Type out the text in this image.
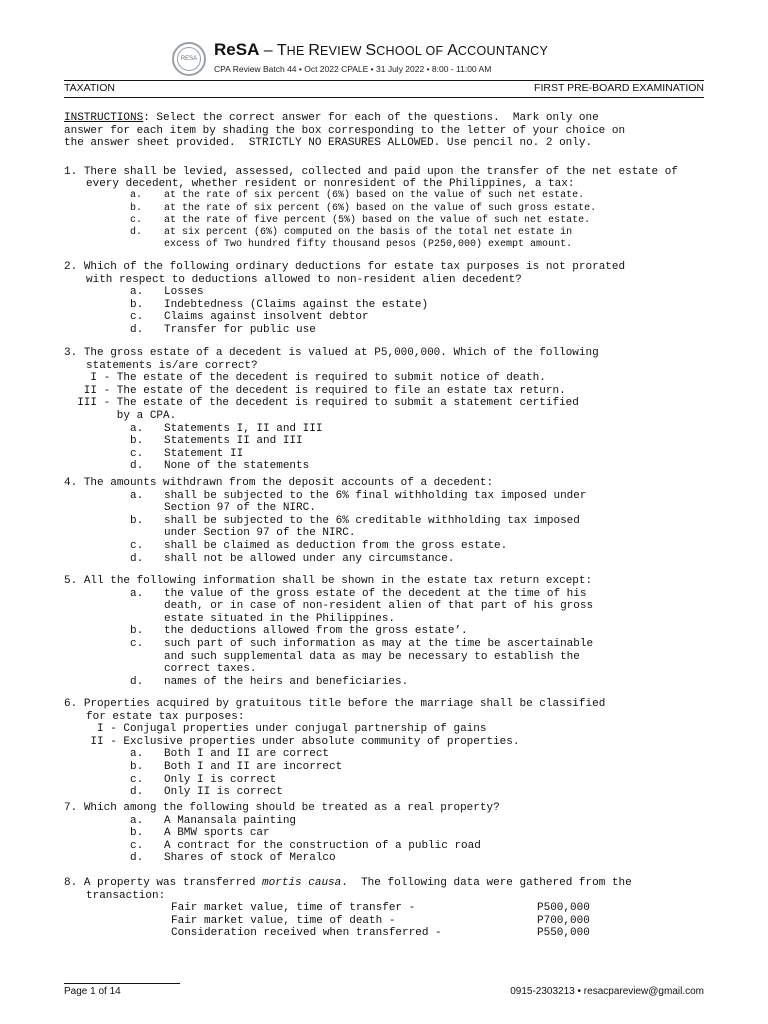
RESA ReSA – THE REVIEW SCHOOL OF ACCOUNTANCY
CPA Review Batch 44 • Oct 2022 CPALE • 31 July 2022 • 8:00 - 11:00 AM
TAXATION	FIRST PRE-BOARD EXAMINATION
INSTRUCTIONS: Select the correct answer for each of the questions.  Mark only one
answer for each item by shading the box corresponding to the letter of your choice on
the answer sheet provided.  STRICTLY NO ERASURES ALLOWED. Use pencil no. 2 only.
1. There shall be levied, assessed, collected and paid upon the transfer of the net estate of
every decedent, whether resident or nonresident of the Philippines, a tax:
a. at the rate of six percent (6%) based on the value of such net estate.
b. at the rate of six percent (6%) based on the value of such gross estate.
c. at the rate of five percent (5%) based on the value of such net estate.
d. at six percent (6%) computed on the basis of the total net estate in
excess of Two hundred fifty thousand pesos (P250,000) exempt amount.
2. Which of the following ordinary deductions for estate tax purposes is not prorated
with respect to deductions allowed to non-resident alien decedent?
a. Losses
b. Indebtedness (Claims against the estate)
c. Claims against insolvent debtor
d. Transfer for public use
3. The gross estate of a decedent is valued at P5,000,000. Which of the following
statements is/are correct?
I - The estate of the decedent is required to submit notice of death.
II - The estate of the decedent is required to file an estate tax return.
III - The estate of the decedent is required to submit a statement certified
by a CPA.
a. Statements I, II and III
b. Statements II and III
c. Statement II
d. None of the statements
4. The amounts withdrawn from the deposit accounts of a decedent:
a. shall be subjected to the 6% final withholding tax imposed under
Section 97 of the NIRC.
b. shall be subjected to the 6% creditable withholding tax imposed
under Section 97 of the NIRC.
c. shall be claimed as deduction from the gross estate.
d. shall not be allowed under any circumstance.
5. All the following information shall be shown in the estate tax return except:
a. the value of the gross estate of the decedent at the time of his
death, or in case of non-resident alien of that part of his gross
estate situated in the Philippines.
b. the deductions allowed from the gross estate’.
c. such part of such information as may at the time be ascertainable
and such supplemental data as may be necessary to establish the
correct taxes.
d. names of the heirs and beneficiaries.
6. Properties acquired by gratuitous title before the marriage shall be classified
for estate tax purposes:
I - Conjugal properties under conjugal partnership of gains
II - Exclusive properties under absolute community of properties.
a. Both I and II are correct
b. Both I and II are incorrect
c. Only I is correct
d. Only II is correct
7. Which among the following should be treated as a real property?
a. A Manansala painting
b. A BMW sports car
c. A contract for the construction of a public road
d. Shares of stock of Meralco
8. A property was transferred mortis causa.  The following data were gathered from the
transaction:
Fair market value, time of transfer -	P500,000
Fair market value, time of death -	P700,000
Consideration received when transferred -	P550,000
Page 1 of 14	0915-2303213 • resacpareview@gmail.com
